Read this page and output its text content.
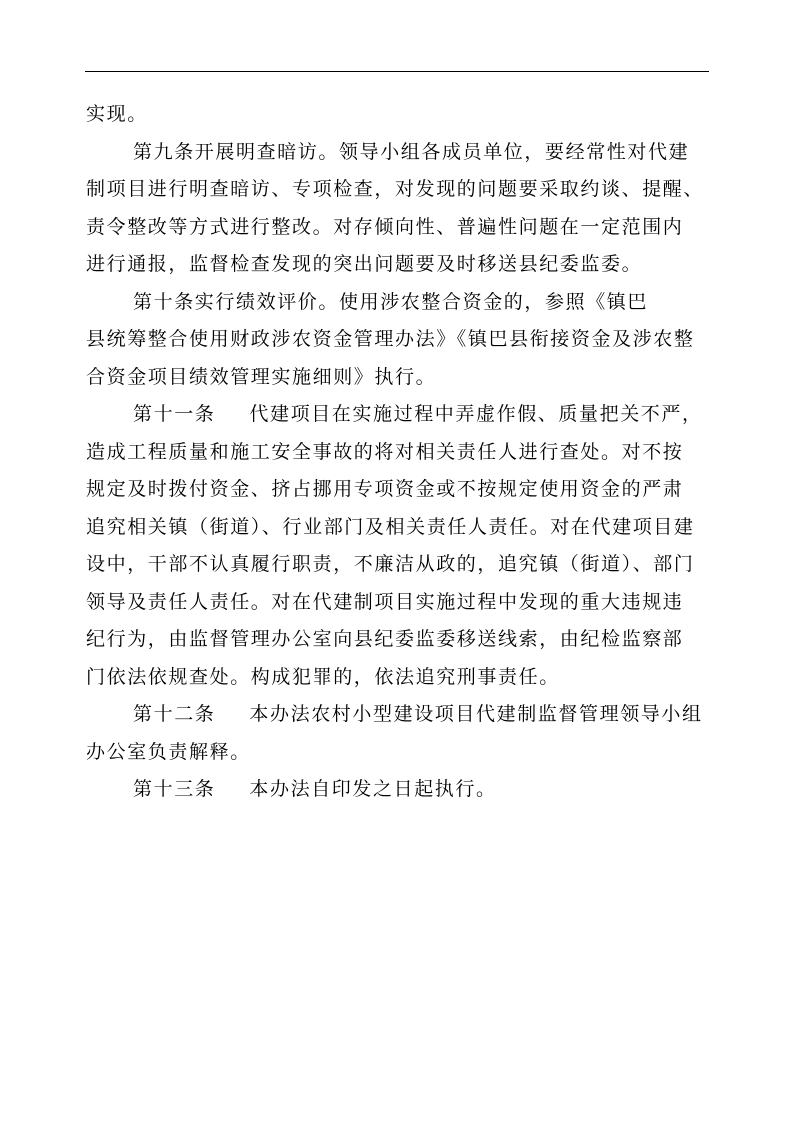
实现。
第九条开展明查暗访。领导小组各成员单位，要经常性对代建
制项目进行明查暗访、专项检查，对发现的问题要采取约谈、提醒、
责令整改等方式进行整改。对存倾向性、普遍性问题在一定范围内
进行通报，监督检查发现的突出问题要及时移送县纪委监委。
第十条实行绩效评价。使用涉农整合资金的，参照《镇巴
县统筹整合使用财政涉农资金管理办法》《镇巴县衔接资金及涉农整
合资金项目绩效管理实施细则》执行。
第十一条 代建项目在实施过程中弄虚作假、质量把关不严，
造成工程质量和施工安全事故的将对相关责任人进行查处。对不按
规定及时拨付资金、挤占挪用专项资金或不按规定使用资金的严肃
追究相关镇（街道）、行业部门及相关责任人责任。对在代建项目建
设中，干部不认真履行职责，不廉洁从政的，追究镇（街道）、部门
领导及责任人责任。对在代建制项目实施过程中发现的重大违规违
纪行为，由监督管理办公室向县纪委监委移送线索，由纪检监察部
门依法依规查处。构成犯罪的，依法追究刑事责任。
第十二条 本办法农村小型建设项目代建制监督管理领导小组
办公室负责解释。
第十三条 本办法自印发之日起执行。
